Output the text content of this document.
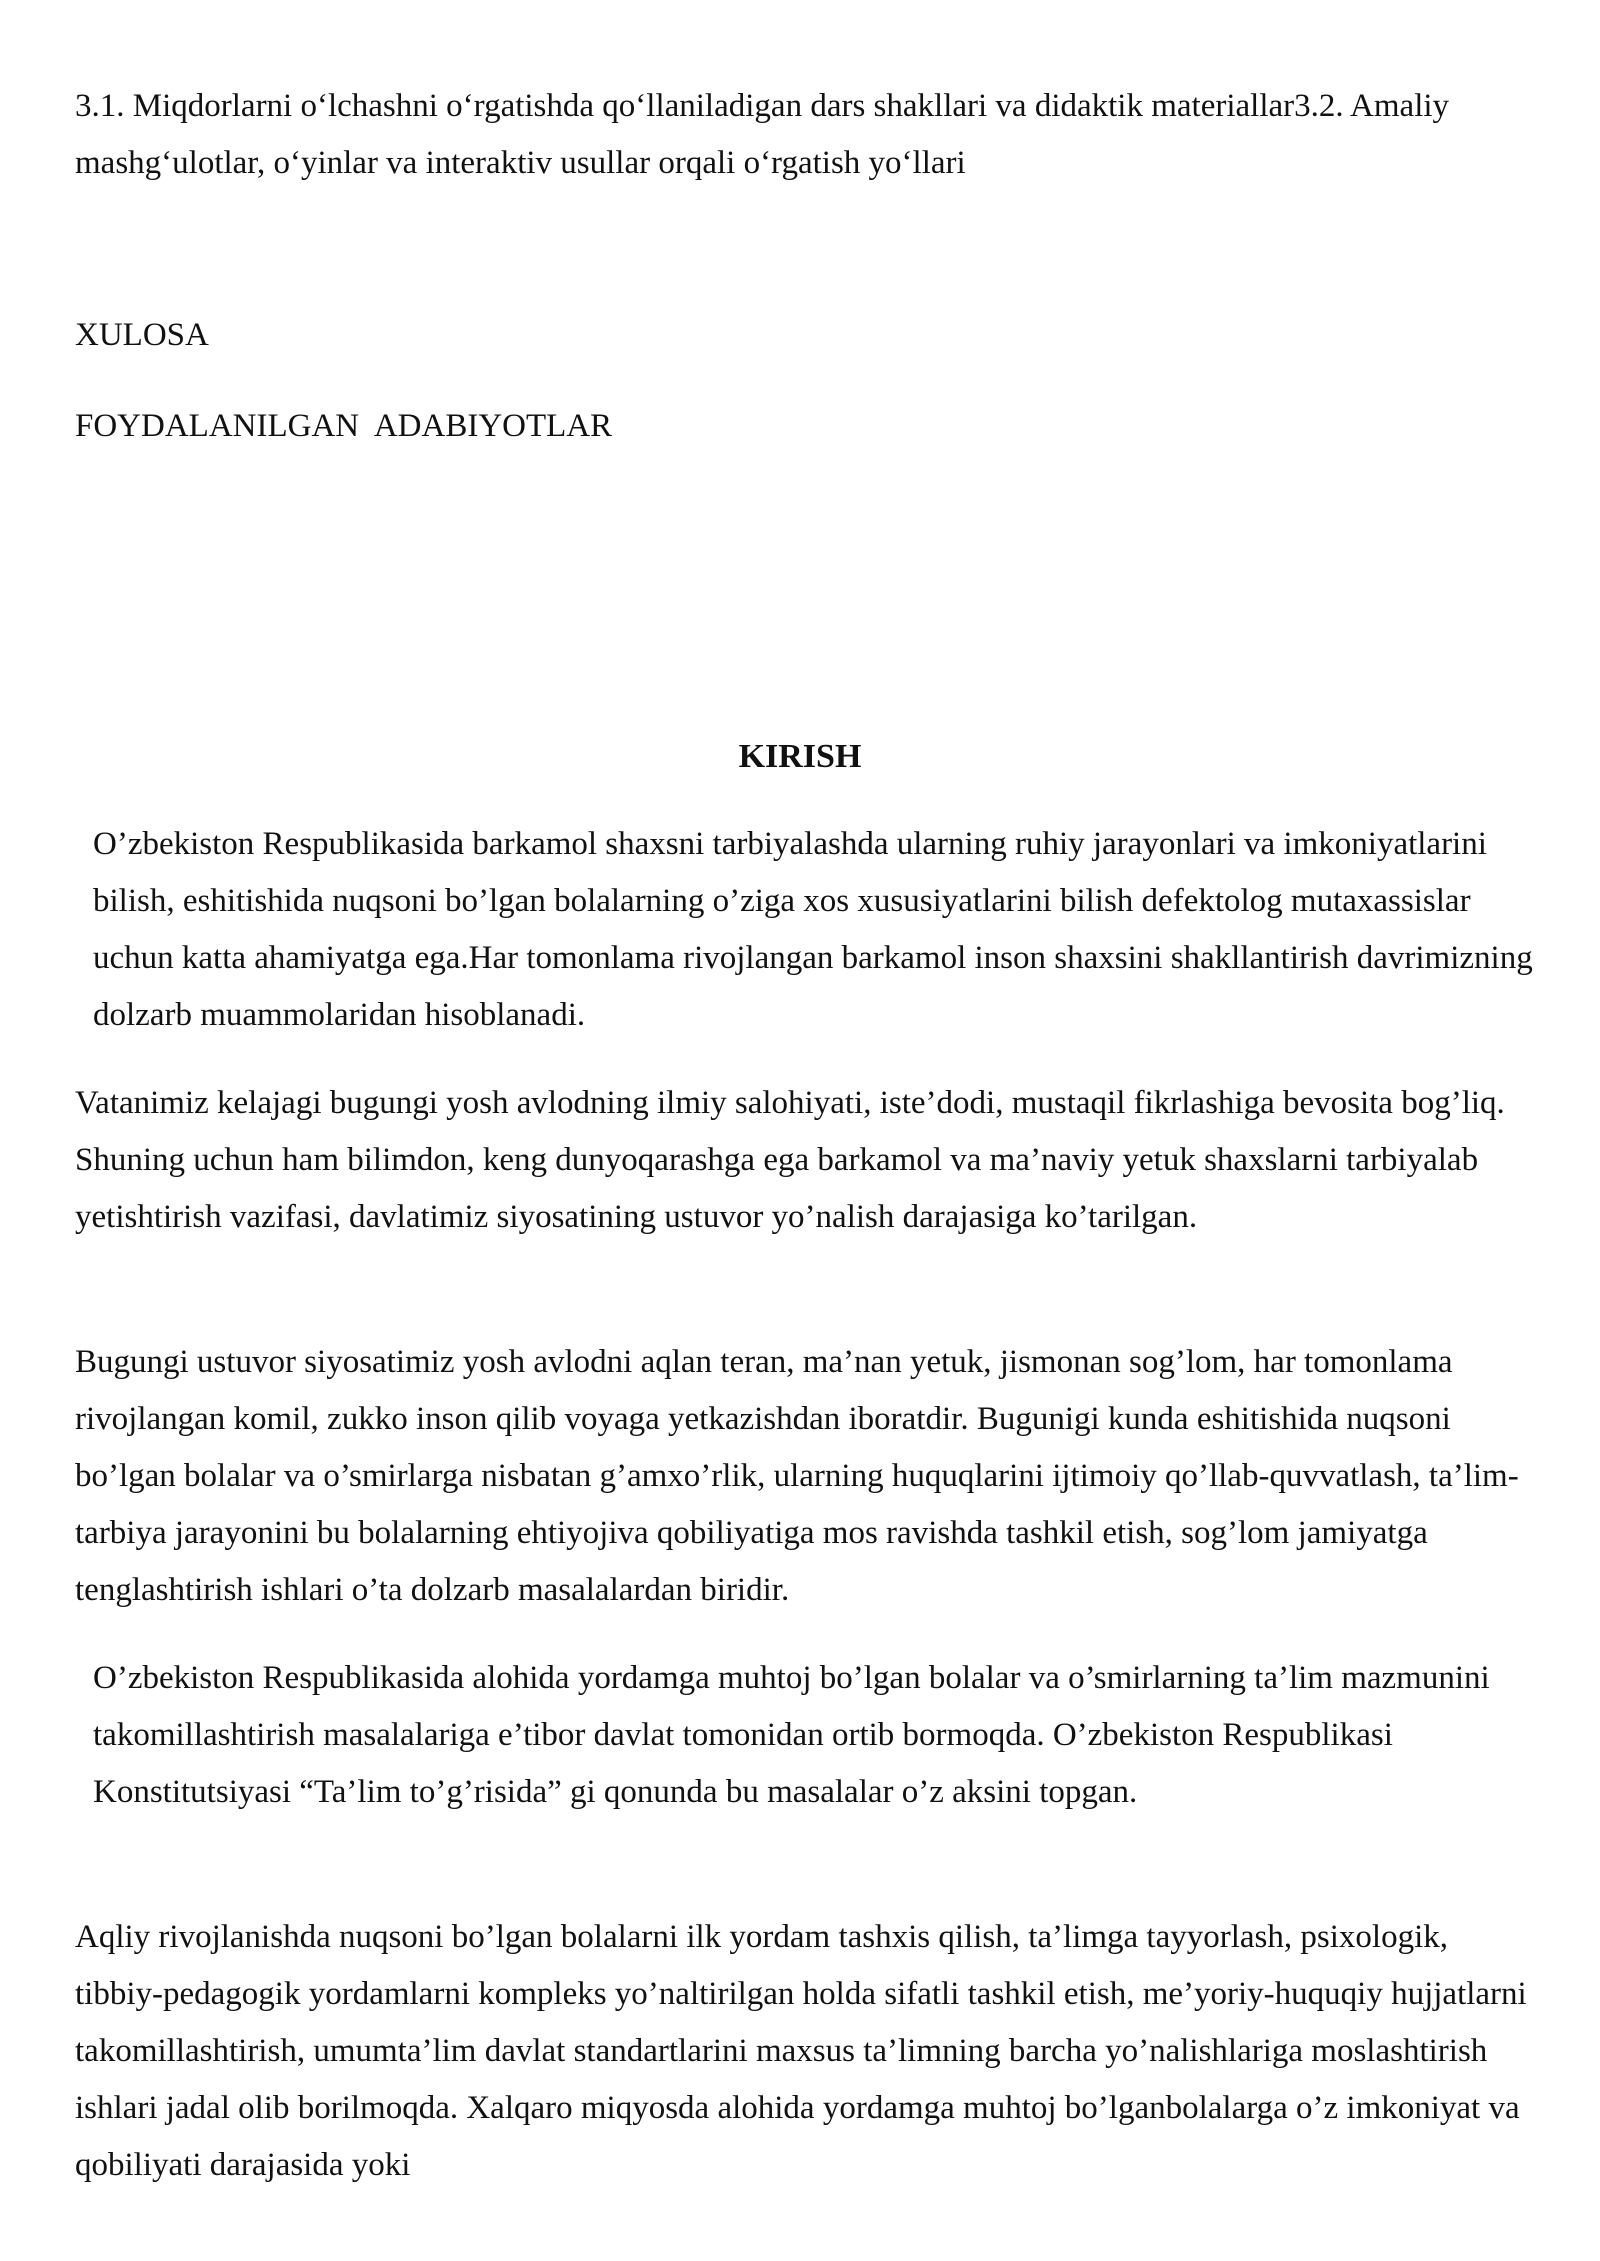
3.1. Miqdorlarni o‘lchashni o‘rgatishda qo‘llaniladigan dars shakllari va didaktik materiallar3.2. Amaliy mashg‘ulotlar, o‘yinlar va interaktiv usullar orqali o‘rgatish yo‘llari

XULOSA

FOYDALANILGAN  ADABIYOTLAR

KIRISH

O’zbekiston Respublikasida barkamol shaxsni tarbiyalashda ularning ruhiy jarayonlari va imkoniyatlarini bilish, eshitishida nuqsoni bo’lgan bolalarning o’ziga xos xususiyatlarini bilish defektolog mutaxassislar uchun katta ahamiyatga ega.Har tomonlama rivojlangan barkamol inson shaxsini shakllantirish davrimizning dolzarb muammolaridan hisoblanadi.

Vatanimiz kelajagi bugungi yosh avlodning ilmiy salohiyati, iste’dodi, mustaqil fikrlashiga bevosita bog’liq. Shuning uchun ham bilimdon, keng dunyoqarashga ega barkamol va ma’naviy yetuk shaxslarni tarbiyalab yetishtirish vazifasi, davlatimiz siyosatining ustuvor yo’nalish darajasiga ko’tarilgan.

Bugungi ustuvor siyosatimiz yosh avlodni aqlan teran, ma’nan yetuk, jismonan sog’lom, har tomonlama rivojlangan komil, zukko inson qilib voyaga yetkazishdan iboratdir. Bugunigi kunda eshitishida nuqsoni bo’lgan bolalar va o’smirlarga nisbatan g’amxo’rlik, ularning huquqlarini ijtimoiy qo’llab-quvvatlash, ta’lim-tarbiya jarayonini bu bolalarning ehtiyojiva qobiliyatiga mos ravishda tashkil etish, sog’lom jamiyatga tenglashtirish ishlari o’ta dolzarb masalalardan biridir.

O’zbekiston Respublikasida alohida yordamga muhtoj bo’lgan bolalar va o’smirlarning ta’lim mazmunini takomillashtirish masalalariga e’tibor davlat tomonidan ortib bormoqda. O’zbekiston Respublikasi Konstitutsiyasi “Ta’lim to’g’risida” gi qonunda bu masalalar o’z aksini topgan.

Aqliy rivojlanishda nuqsoni bo’lgan bolalarni ilk yordam tashxis qilish, ta’limga tayyorlash, psixologik, tibbiy-pedagogik yordamlarni kompleks yo’naltirilgan holda sifatli tashkil etish, me’yoriy-huquqiy hujjatlarni takomillashtirish, umumta’lim davlat standartlarini maxsus ta’limning barcha yo’nalishlariga moslashtirish ishlari jadal olib borilmoqda. Xalqaro miqyosda alohida yordamga muhtoj bo’lganbolalarga o’z imkoniyat va qobiliyati darajasida yoki
